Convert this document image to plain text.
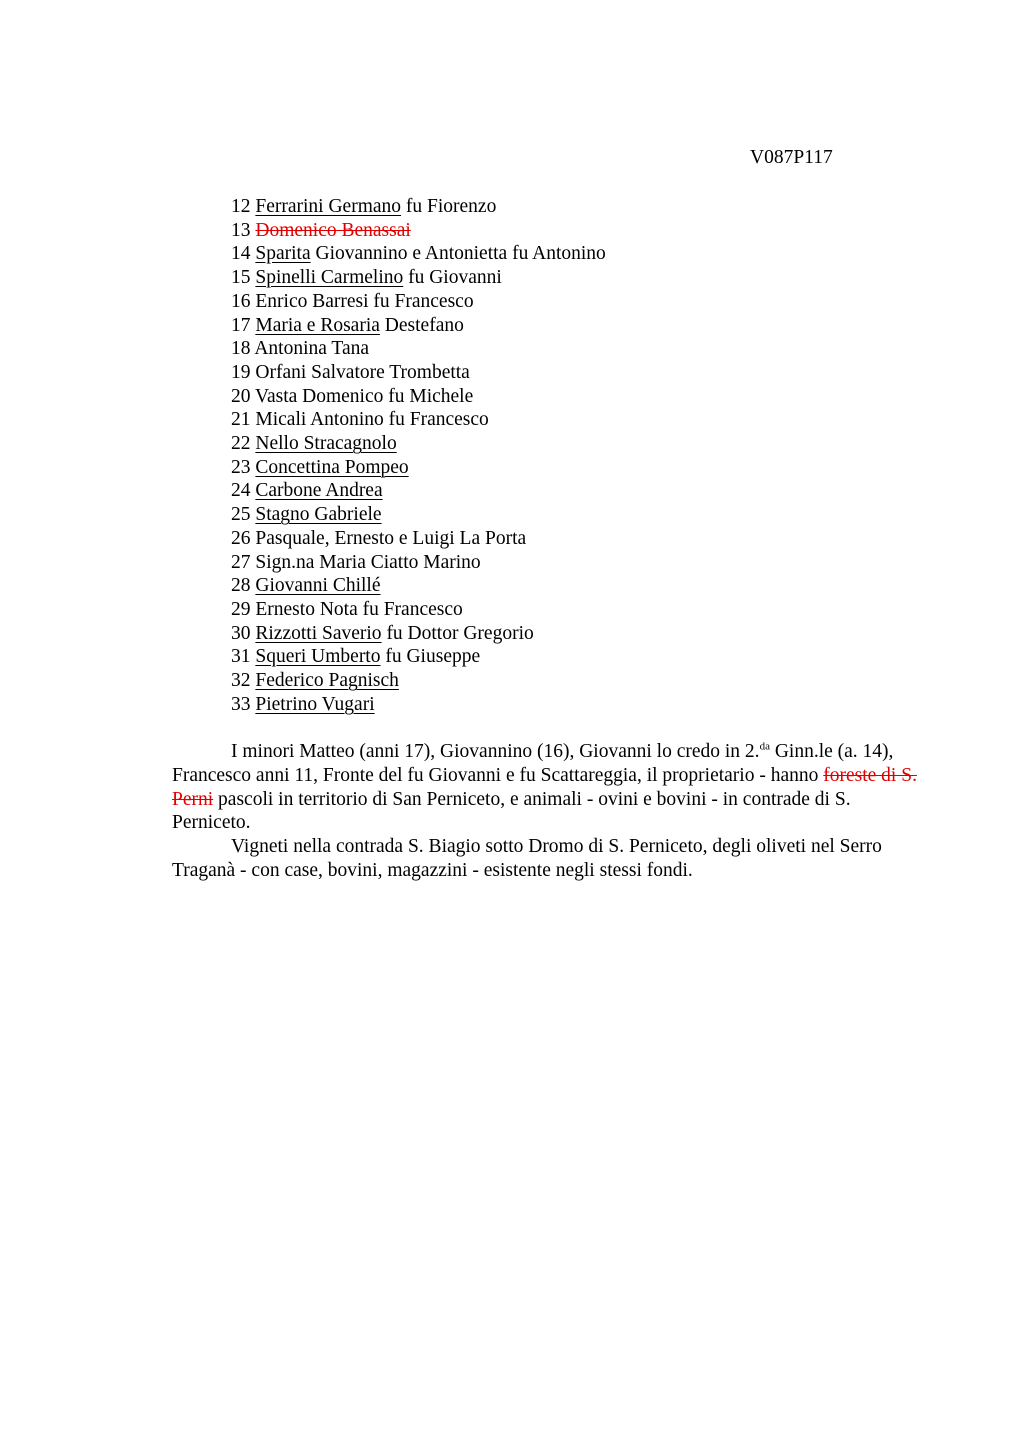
V087P117
12 Ferrarini Germano fu Fiorenzo
13 Domenico Benassai
14 Sparita Giovannino e Antonietta fu Antonino
15 Spinelli Carmelino fu Giovanni
16 Enrico Barresi fu Francesco
17 Maria e Rosaria Destefano
18 Antonina Tana
19 Orfani Salvatore Trombetta
20 Vasta Domenico fu Michele
21 Micali Antonino fu Francesco
22 Nello Stracagnolo
23 Concettina Pompeo
24 Carbone Andrea
25 Stagno Gabriele
26 Pasquale, Ernesto e Luigi La Porta
27 Sign.na Maria Ciatto Marino
28 Giovanni Chillé
29 Ernesto Nota fu Francesco
30 Rizzotti Saverio fu Dottor Gregorio
31 Squeri Umberto fu Giuseppe
32 Federico Pagnisch
33 Pietrino Vugari

I minori Matteo (anni 17), Giovannino (16), Giovanni lo credo in 2.$^{da}$ Ginn.le (a. 14), Francesco anni 11, Fronte del fu Giovanni e fu Scattareggia, il proprietario - hanno foreste di S. Perni pascoli in territorio di San Perniceto, e animali - ovini e bovini - in contrade di S. Perniceto.

Vigneti nella contrada S. Biagio sotto Dromo di S. Perniceto, degli oliveti nel Serro Traganà - con case, bovini, magazzini - esistente negli stessi fondi.
